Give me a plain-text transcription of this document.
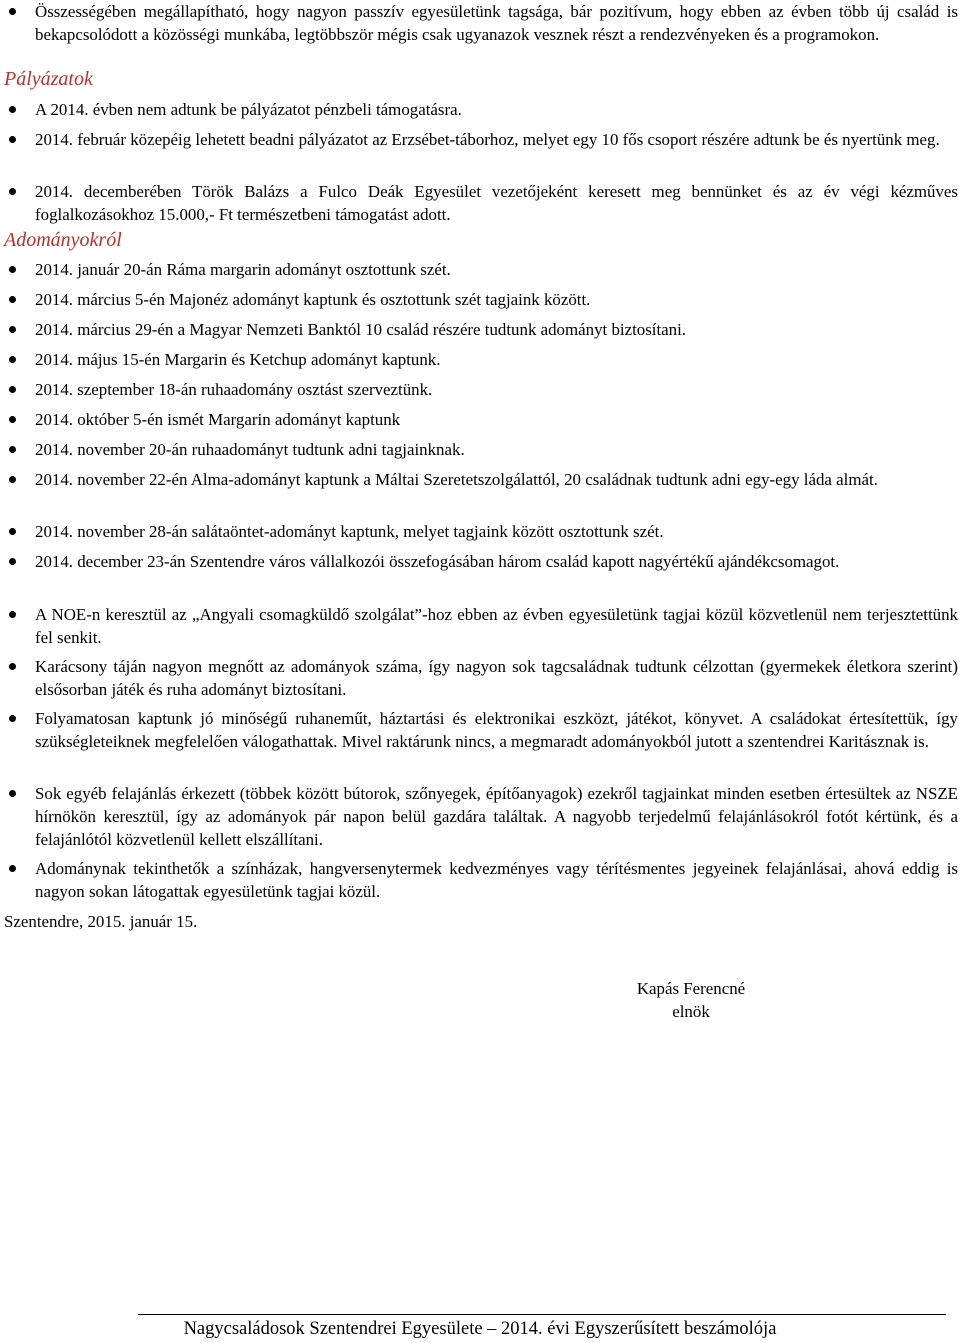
Összességében megállapítható, hogy nagyon passzív egyesületünk tagsága, bár pozitívum, hogy ebben az évben több új család is bekapcsolódott a közösségi munkába, legtöbbször mégis csak ugyanazok vesznek részt a rendezvényeken és a programokon.
Pályázatok
A 2014. évben nem adtunk be pályázatot pénzbeli támogatásra.
2014. február közepéig lehetett beadni pályázatot az Erzsébet-táborhoz, melyet egy 10 fős csoport részére adtunk be és nyertünk meg.
2014. decemberében Török Balázs a Fulco Deák Egyesület vezetőjeként keresett meg bennünket és az év végi kézműves foglalkozásokhoz 15.000,- Ft természetbeni támogatást adott.
Adományokról
2014. január 20-án Ráma margarin adományt osztottunk szét.
2014. március 5-én Majonéz adományt kaptunk és osztottunk szét tagjaink között.
2014. március 29-én a Magyar Nemzeti Banktól 10 család részére tudtunk adományt biztosítani.
2014. május 15-én Margarin és Ketchup adományt kaptunk.
2014. szeptember 18-án ruhaadomány osztást szerveztünk.
2014. október 5-én ismét Margarin adományt kaptunk
2014. november 20-án ruhaadományt tudtunk adni tagjainknak.
2014. november 22-én Alma-adományt kaptunk a Máltai Szeretetszolgálattól, 20 családnak tudtunk adni egy-egy láda almát.
2014. november 28-án salátaöntet-adományt kaptunk, melyet tagjaink között osztottunk szét.
2014. december 23-án Szentendre város vállalkozói összefogásában három család kapott nagyértékű ajándékcsomagot.
A NOE-n keresztül az „Angyali csomagküldő szolgálat”-hoz ebben az évben egyesületünk tagjai közül közvetlenül nem terjesztettünk fel senkit.
Karácsony táján nagyon megnőtt az adományok száma, így nagyon sok tagcsaládnak tudtunk célzottan (gyermekek életkora szerint) elsősorban játék és ruha adományt biztosítani.
Folyamatosan kaptunk jó minőségű ruhaneműt, háztartási és elektronikai eszközt, játékot, könyvet. A családokat értesítettük, így szükségleteiknek megfelelően válogathattak. Mivel raktárunk nincs, a megmaradt adományokból jutott a szentendrei Karitásznak is.
Sok egyéb felajánlás érkezett (többek között bútorok, szőnyegek, építőanyagok) ezekről tagjainkat minden esetben értesültek az NSZE hírnökön keresztül, így az adományok pár napon belül gazdára találtak. A nagyobb terjedelmű felajánlásokról fotót kértünk, és a felajánlótól közvetlenül kellett elszállítani.
Adománynak tekinthetők a színházak, hangversenytermek kedvezményes vagy térítésmentes jegyeinek felajánlásai, ahová eddig is nagyon sokan látogattak egyesületünk tagjai közül.

Szentendre, 2015. január 15.

Kapás Ferencné
elnök
Nagycsaládosok Szentendrei Egyesülete – 2014. évi Egyszerűsített beszámolója
